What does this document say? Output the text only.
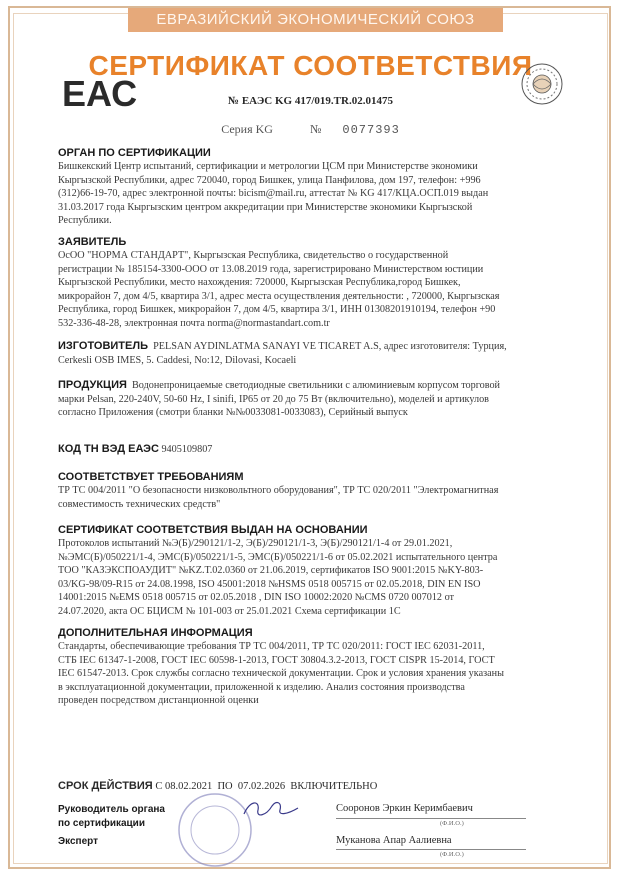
ЕВРАЗИЙСКИЙ ЭКОНОМИЧЕСКИЙ СОЮЗ
ЕАС
СЕРТИФИКАТ СООТВЕТСТВИЯ
№ ЕАЭС KG 417/019.TR.02.01475
Серия KG	№ 0077393
ОРГАН ПО СЕРТИФИКАЦИИ
Бишкекский Центр испытаний, сертификации и метрологии ЦСМ при Министерстве экономики
Кыргызской Республики, адрес 720040, город Бишкек, улица Панфилова, дом 197, телефон: +996
(312)66-19-70, адрес электронной почты: bicism@mail.ru, аттестат № KG 417/КЦА.ОСП.019 выдан
31.03.2017 года Кыргызским центром аккредитации при Министерстве экономики Кыргызской
Республики.
ЗАЯВИТЕЛЬ
ОсОО "НОРМА СТАНДАРТ", Кыргызская Республика, свидетельство о государственной
регистрации № 185154-3300-ООО от 13.08.2019 года, зарегистрировано Министерством юстиции
Кыргызской Республики, место нахождения: 720000, Кыргызская Республика,город Бишкек,
микрорайон 7, дом 4/5, квартира 3/1, адрес места осуществления деятельности: , 720000, Кыргызская
Республика, город Бишкек, микрорайон 7, дом 4/5, квартира 3/1, ИНН 01308201910194, телефон +90
532-336-48-28, электронная почта norma@normastandart.com.tr
ИЗГОТОВИТЕЛЬ PELSAN AYDINLATMA SANAYI VE TICARET A.S, адрес изготовителя: Турция,
Cerkesli OSB IMES, 5. Caddesi, No:12, Dilovasi, Kocaeli
ПРОДУКЦИЯ Водонепроницаемые светодиодные светильники с алюминиевым корпусом торговой
марки Pelsan, 220-240V, 50-60 Hz, I sinifi, IP65 от 20 до 75 Вт (включительно), моделей и артикулов
согласно Приложения (смотри бланки №№0033081-0033083), Серийный выпуск
КОД ТН ВЭД ЕАЭС 9405109807
СООТВЕТСТВУЕТ ТРЕБОВАНИЯМ
ТР ТС 004/2011 "О безопасности низковольтного оборудования", ТР ТС 020/2011 "Электромагнитная
совместимость технических средств"
СЕРТИФИКАТ СООТВЕТСТВИЯ ВЫДАН НА ОСНОВАНИИ
Протоколов испытаний №Э(Б)/290121/1-2, Э(Б)/290121/1-3, Э(Б)/290121/1-4 от 29.01.2021,
№ЭМС(Б)/050221/1-4, ЭМС(Б)/050221/1-5, ЭМС(Б)/050221/1-6 от 05.02.2021 испытательного центра
ТОО "КАЗЭКСПОАУДИТ" №KZ.Т.02.0360 от 21.06.2019, сертификатов ISO 9001:2015 №KY-803-
03/KG-98/09-R15 от 24.08.1998, ISO 45001:2018 №HSMS 0518 005715 от 02.05.2018, DIN EN ISO
14001:2015 №EMS 0518 005715 от 02.05.2018 , DIN ISO 10002:2020 №CMS 0720 007012 от
24.07.2020, акта ОС БЦИСМ № 101-003 от 25.01.2021 Схема сертификации 1С
ДОПОЛНИТЕЛЬНАЯ ИНФОРМАЦИЯ
Стандарты, обеспечивающие требования ТР ТС 004/2011, ТР ТС 020/2011: ГОСТ IEC 62031-2011,
СТБ IEC 61347-1-2008, ГОСТ IEC 60598-1-2013, ГОСТ 30804.3.2-2013, ГОСТ CISPR 15-2014, ГОСТ
IEC 61547-2013. Срок службы согласно технической документации. Срок и условия хранения указаны
в эксплуатационной документации, приложенной к изделию. Анализ состояния производства
проведен посредством дистанционной оценки
СРОК ДЕЙСТВИЯ С 08.02.2021 ПО 07.02.2026 ВКЛЮЧИТЕЛЬНО
Руководитель органа
по сертификации
Сооронов Эркин Керимбаевич
(Ф.И.О.)
Эксперт	Муканова Апар Аалиевна
(Ф.И.О.)
